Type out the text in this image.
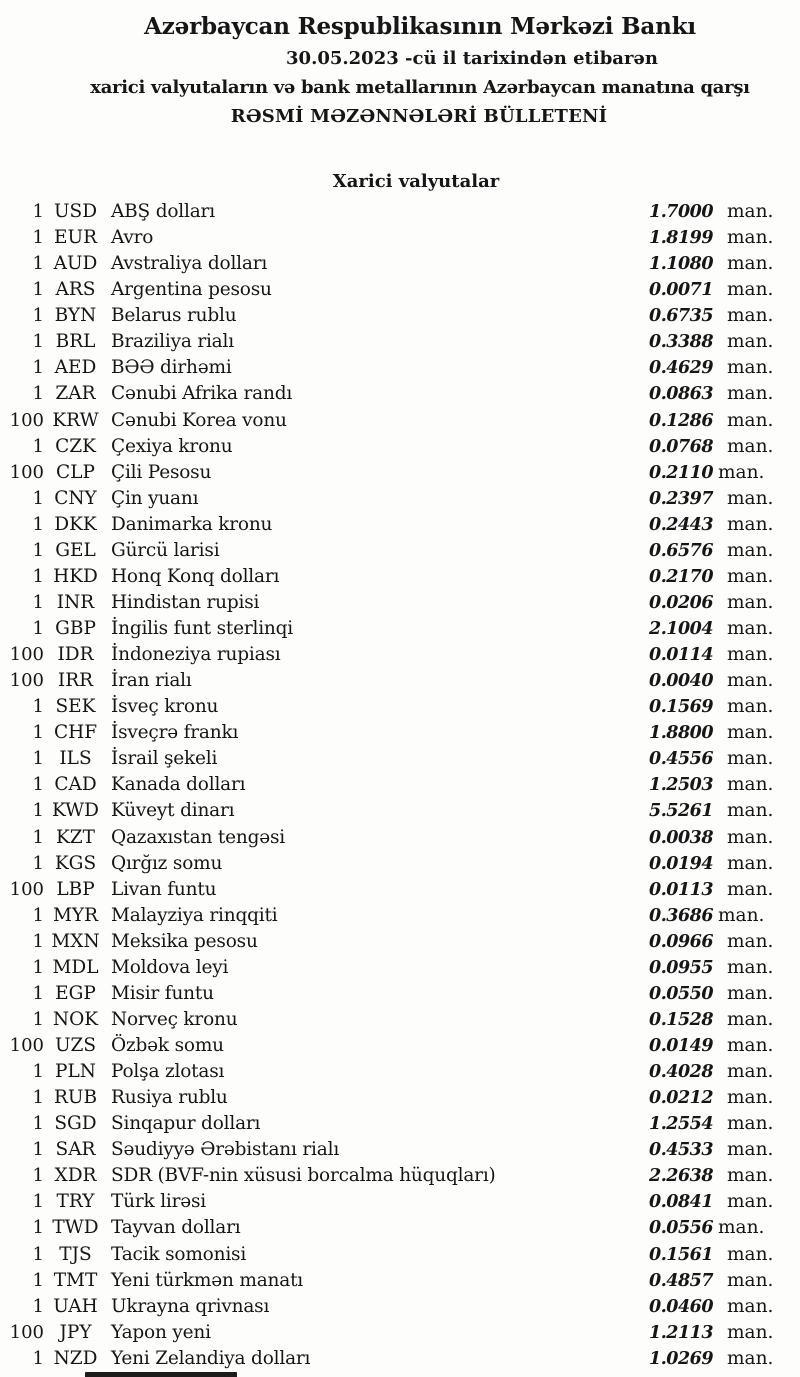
Azərbaycan Respublikasının Mərkəzi Bankı
30.05.2023 -cü il tarixindən etibarən
xarici valyutaların və bank metallarının Azərbaycan manatına qarşı
RƏSMİ MƏZƏNNƏLƏRİ BÜLLETENİ
Xarici valyutalar
1 USD ABŞ dolları	1.7000 man.
1 EUR Avro	1.8199 man.
1 AUD Avstraliya dolları	1.1080 man.
1 ARS Argentina pesosu	0.0071 man.
1 BYN Belarus rublu	0.6735 man.
1 BRL Braziliya rialı	0.3388 man.
1 AED BƏƏ dirhəmi	0.4629 man.
1 ZAR Cənubi Afrika randı	0.0863 man.
100 KRW Cənubi Korea vonu	0.1286 man.
1 CZK Çexiya kronu	0.0768 man.
100 CLP Çili Pesosu	0.2110 man.
1 CNY Çin yuanı	0.2397 man.
1 DKK Danimarka kronu	0.2443 man.
1 GEL Gürcü larisi	0.6576 man.
1 HKD Honq Konq dolları	0.2170 man.
1 INR Hindistan rupisi	0.0206 man.
1 GBP İngilis funt sterlinqi	2.1004 man.
100 IDR İndoneziya rupiası	0.0114 man.
100 IRR İran rialı	0.0040 man.
1 SEK İsveç kronu	0.1569 man.
1 CHF İsveçrə frankı	1.8800 man.
1 ILS	İsrail şekeli	0.4556 man.
1 CAD Kanada dolları	1.2503 man.
1 KWD Küveyt dinarı	5.5261 man.
1 KZT Qazaxıstan tengəsi	0.0038 man.
1 KGS Qırğız somu	0.0194 man.
100 LBP Livan funtu	0.0113 man.
1 MYR Malayziya rinqqiti	0.3686 man.
1 MXN Meksika pesosu	0.0966 man.
1 MDL Moldova leyi	0.0955 man.
1 EGP Misir funtu	0.0550 man.
1 NOK Norveç kronu	0.1528 man.
100 UZS Özbək somu	0.0149 man.
1 PLN Polşa zlotası	0.4028 man.
1 RUB Rusiya rublu	0.0212 man.
1 SGD Sinqapur dolları	1.2554 man.
1 SAR Səudiyyə Ərəbistanı rialı	0.4533 man.
1 XDR SDR (BVF-nin xüsusi borcalma hüquqları)	2.2638 man.
1 TRY Türk lirəsi	0.0841 man.
1 TWD Tayvan dolları	0.0556 man.
1 TJS	Tacik somonisi	0.1561 man.
1 TMT Yeni türkmən manatı	0.4857 man.
1 UAH Ukrayna qrivnası	0.0460 man.
100 JPY	Yapon yeni	1.2113 man.
1 NZD Yeni Zelandiya dolları	1.0269 man.
